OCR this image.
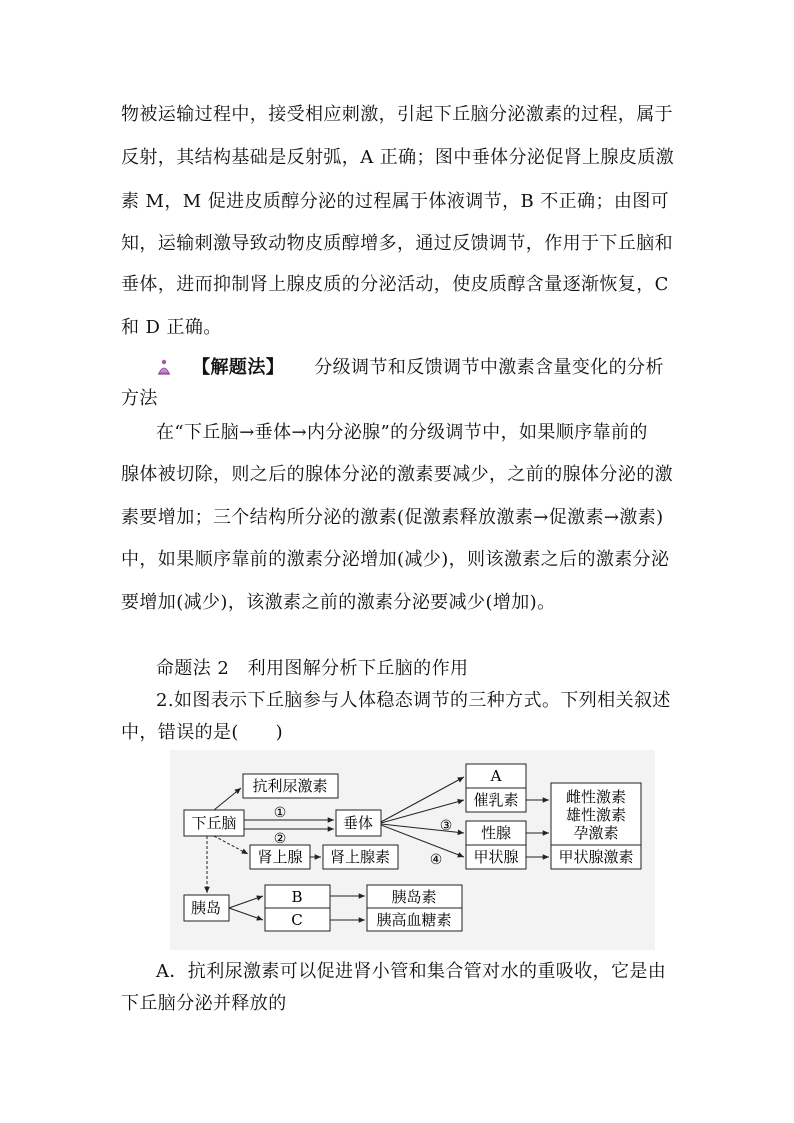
物被运输过程中，接受相应刺激，引起下丘脑分泌激素的过程，属于
反射，其结构基础是反射弧，A 正确；图中垂体分泌促肾上腺皮质激
素 M，M 促进皮质醇分泌的过程属于体液调节，B 不正确；由图可
知，运输刺激导致动物皮质醇增多，通过反馈调节，作用于下丘脑和
垂体，进而抑制肾上腺皮质的分泌活动，使皮质醇含量逐渐恢复，C
和 D 正确。
【解题法】 分级调节和反馈调节中激素含量变化的分析
方法
在“下丘脑→垂体→内分泌腺”的分级调节中，如果顺序靠前的
腺体被切除，则之后的腺体分泌的激素要减少，之前的腺体分泌的激
素要增加；三个结构所分泌的激素(促激素释放激素→促激素→激素)
中，如果顺序靠前的激素分泌增加(减少)，则该激素之后的激素分泌
要增加(减少)，该激素之前的激素分泌要减少(增加)。
命题法 2　利用图解分析下丘脑的作用
2.如图表示下丘脑参与人体稳态调节的三种方式。下列相关叙述
中，错误的是(　　)
下丘脑
抗利尿激素
垂体
肾上腺 肾上腺素
胰岛
A
催乳素
性腺
甲状腺
雌性激素
雄性激素
孕激素
甲状腺激素
B
C
胰岛素
胰高血糖素
①
②
③
④
A．抗利尿激素可以促进肾小管和集合管对水的重吸收，它是由
下丘脑分泌并释放的
